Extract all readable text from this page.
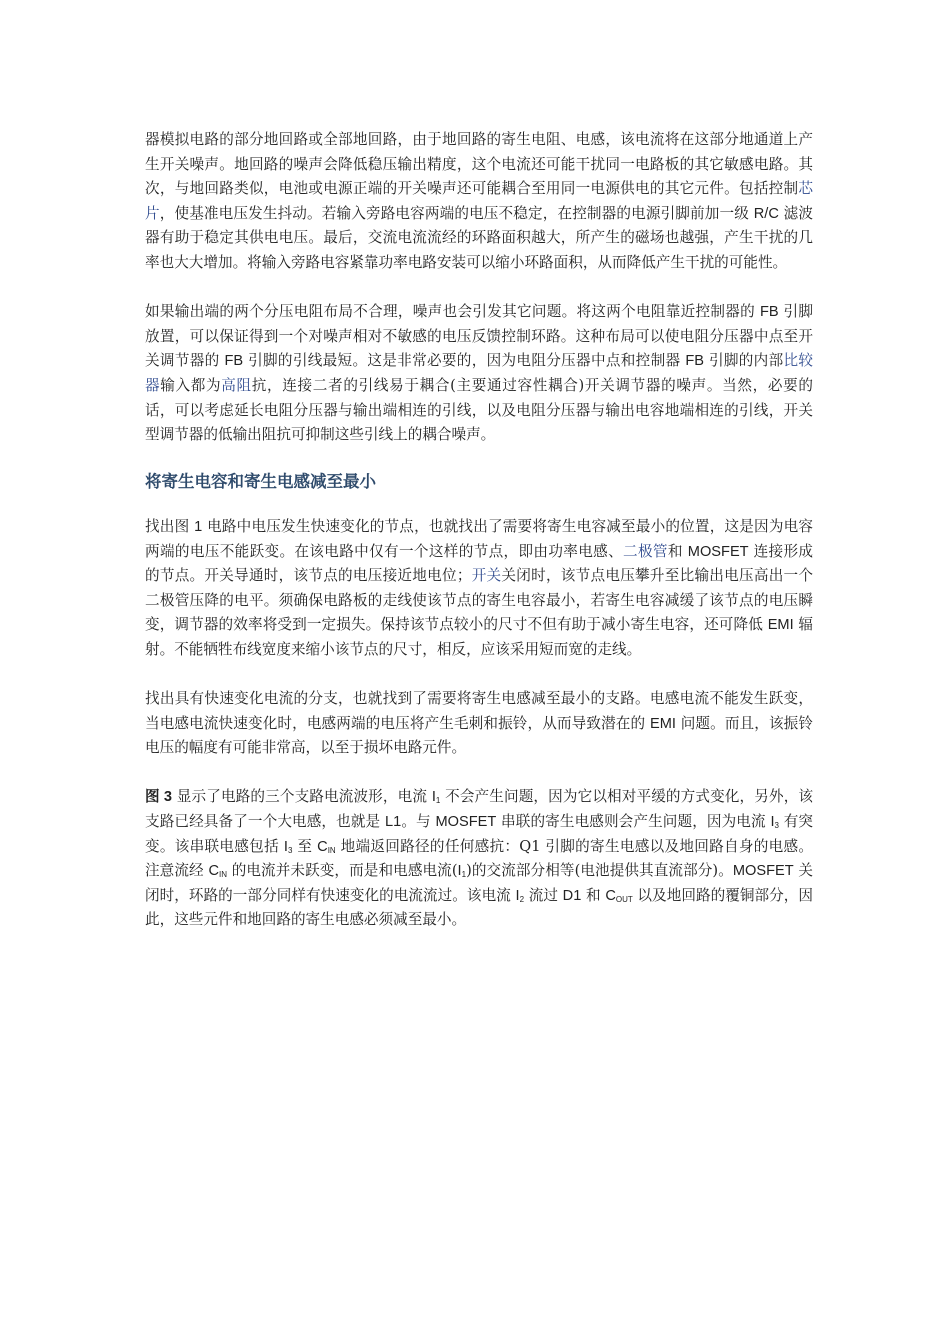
器模拟电路的部分地回路或全部地回路，由于地回路的寄生电阻、电感，该电流将在这部分地通道上产生开关噪声。地回路的噪声会降低稳压输出精度，这个电流还可能干扰同一电路板的其它敏感电路。其次，与地回路类似，电池或电源正端的开关噪声还可能耦合至用同一电源供电的其它元件。包括控制芯片，使基准电压发生抖动。若输入旁路电容两端的电压不稳定，在控制器的电源引脚前加一级 R/C 滤波器有助于稳定其供电电压。最后，交流电流流经的环路面积越大，所产生的磁场也越强，产生干扰的几率也大大增加。将输入旁路电容紧靠功率电路安装可以缩小环路面积，从而降低产生干扰的可能性。

如果输出端的两个分压电阻布局不合理，噪声也会引发其它问题。将这两个电阻靠近控制器的 FB 引脚放置，可以保证得到一个对噪声相对不敏感的电压反馈控制环路。这种布局可以使电阻分压器中点至开关调节器的 FB 引脚的引线最短。这是非常必要的，因为电阻分压器中点和控制器 FB 引脚的内部比较器输入都为高阻抗，连接二者的引线易于耦合(主要通过容性耦合)开关调节器的噪声。当然，必要的话，可以考虑延长电阻分压器与输出端相连的引线，以及电阻分压器与输出电容地端相连的引线，开关型调节器的低输出阻抗可抑制这些引线上的耦合噪声。

将寄生电容和寄生电感减至最小

找出图 1 电路中电压发生快速变化的节点，也就找出了需要将寄生电容减至最小的位置，这是因为电容两端的电压不能跃变。在该电路中仅有一个这样的节点，即由功率电感、二极管和 MOSFET 连接形成的节点。开关导通时，该节点的电压接近地电位；开关关闭时，该节点电压攀升至比输出电压高出一个二极管压降的电平。须确保电路板的走线使该节点的寄生电容最小，若寄生电容减缓了该节点的电压瞬变，调节器的效率将受到一定损失。保持该节点较小的尺寸不但有助于减小寄生电容，还可降低 EMI 辐射。不能牺牲布线宽度来缩小该节点的尺寸，相反，应该采用短而宽的走线。

找出具有快速变化电流的分支，也就找到了需要将寄生电感减至最小的支路。电感电流不能发生跃变，当电感电流快速变化时，电感两端的电压将产生毛刺和振铃，从而导致潜在的 EMI 问题。而且，该振铃电压的幅度有可能非常高，以至于损坏电路元件。

图 3 显示了电路的三个支路电流波形，电流 $I_1$ 不会产生问题，因为它以相对平缓的方式变化，另外，该支路已经具备了一个大电感，也就是 L1。与 MOSFET 串联的寄生电感则会产生问题，因为电流 $I_3$ 有突变。该串联电感包括 $I_3$ 至 $C_{IN}$ 地端返回路径的任何感抗：Q1 引脚的寄生电感以及地回路自身的电感。注意流经 $C_{IN}$ 的电流并未跃变，而是和电感电流$(I_1)$的交流部分相等(电池提供其直流部分)。MOSFET 关闭时，环路的一部分同样有快速变化的电流流过。该电流 $I_2$ 流过 D1 和 $C_{OUT}$ 以及地回路的覆铜部分，因此，这些元件和地回路的寄生电感必须减至最小。
